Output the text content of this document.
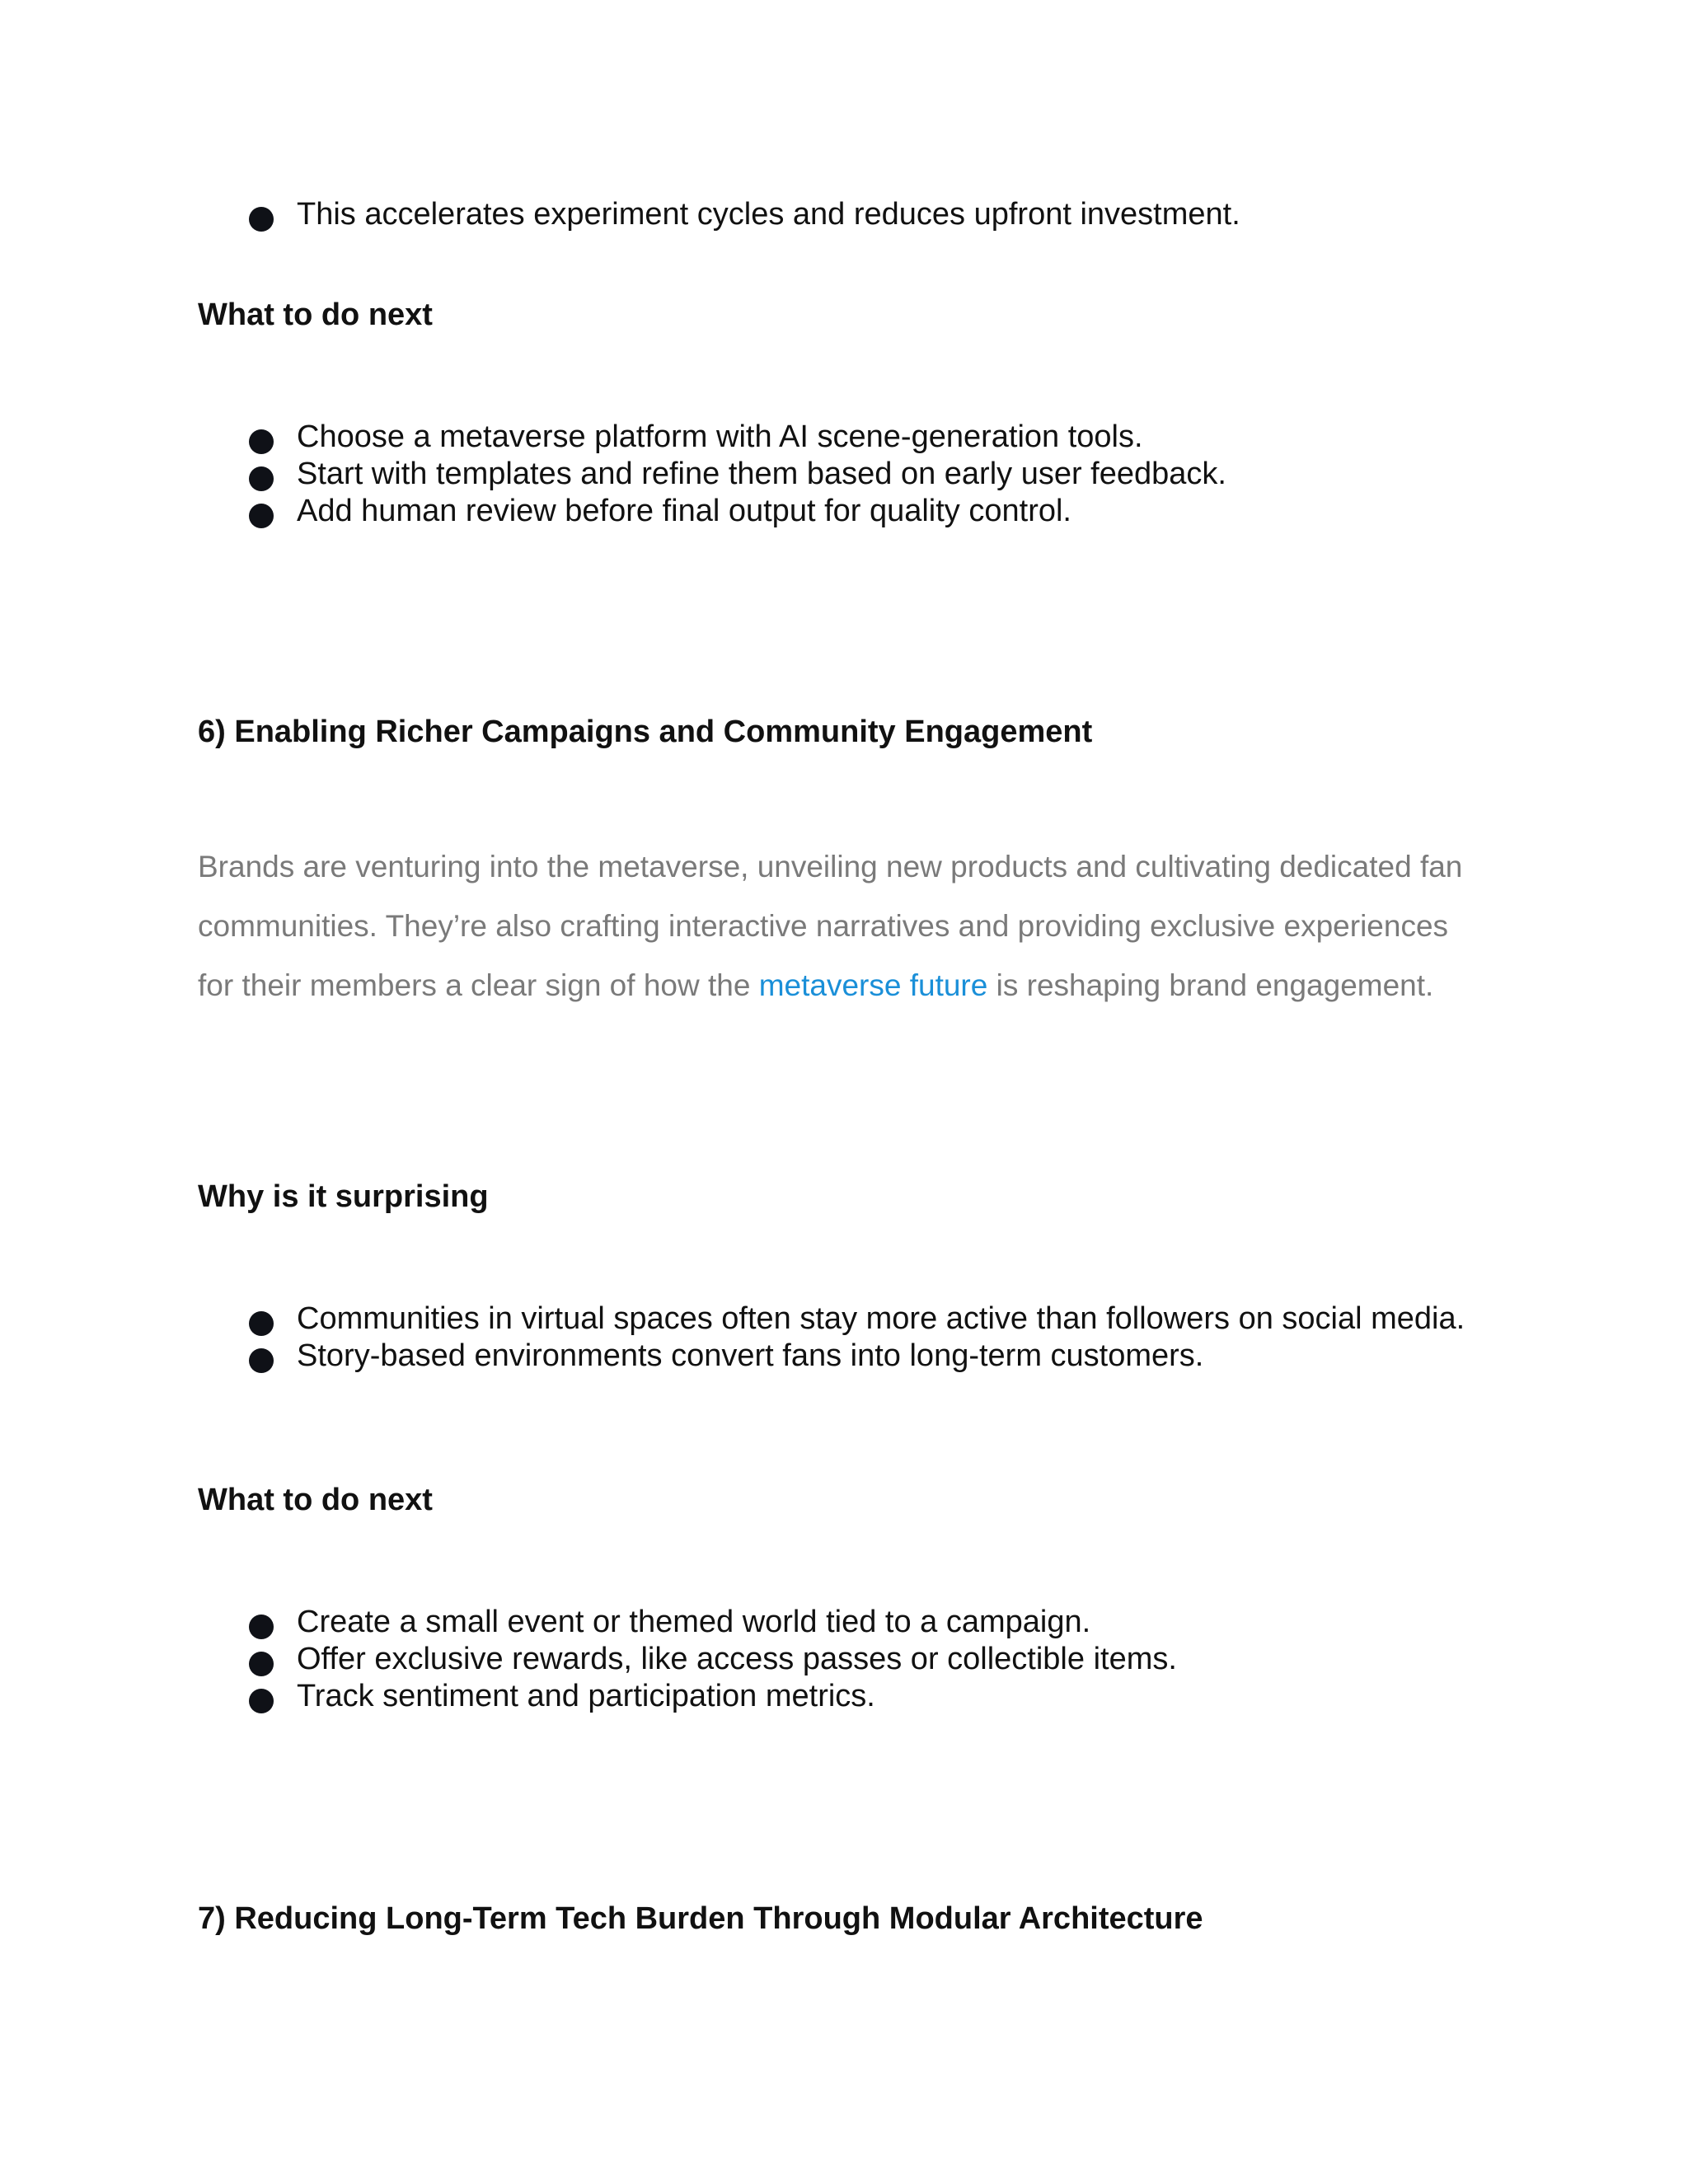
This accelerates experiment cycles and reduces upfront investment.
What to do next
Choose a metaverse platform with AI scene-generation tools.
Start with templates and refine them based on early user feedback.
Add human review before final output for quality control.
6) Enabling Richer Campaigns and Community Engagement

Brands are venturing into the metaverse, unveiling new products and cultivating dedicated fan communities. They’re also crafting interactive narratives and providing exclusive experiences for their members a clear sign of how the metaverse future is reshaping brand engagement.

Why is it surprising
Communities in virtual spaces often stay more active than followers on social media.
Story-based environments convert fans into long-term customers.
What to do next
Create a small event or themed world tied to a campaign.
Offer exclusive rewards, like access passes or collectible items.
Track sentiment and participation metrics.
7) Reducing Long-Term Tech Burden Through Modular Architecture
